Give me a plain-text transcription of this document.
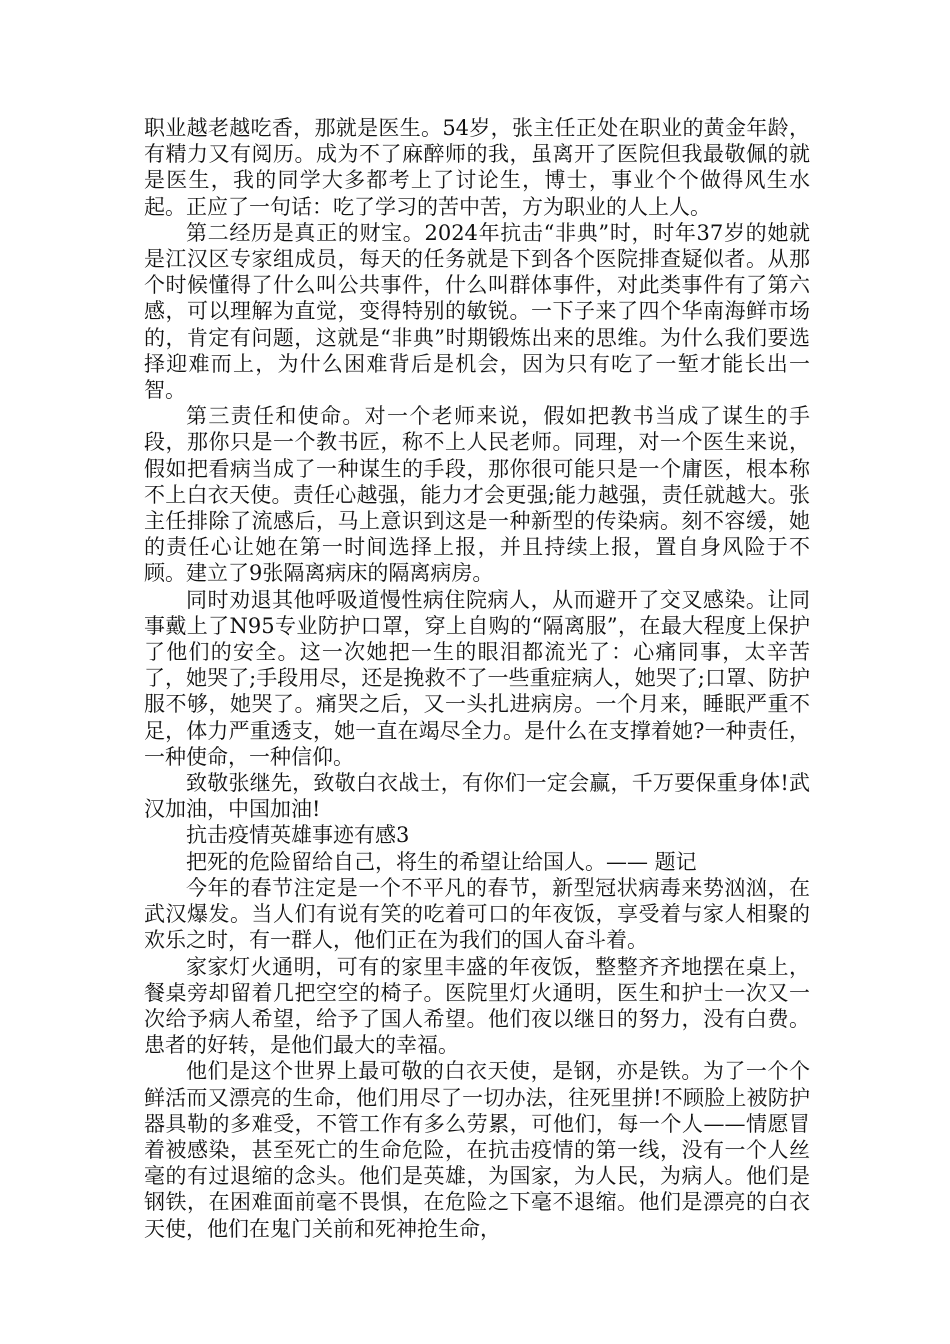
职业越老越吃香，那就是医生。54岁，张主任正处在职业的黄金年龄，有精力又有阅历。成为不了麻醉师的我，虽离开了医院但我最敬佩的就是医生，我的同学大多都考上了讨论生，博士，事业个个做得风生水起。正应了一句话：吃了学习的苦中苦，方为职业的人上人。

第二经历是真正的财宝。2024年抗击“非典”时，时年37岁的她就是江汉区专家组成员，每天的任务就是下到各个医院排查疑似者。从那个时候懂得了什么叫公共事件，什么叫群体事件，对此类事件有了第六感，可以理解为直觉，变得特别的敏锐。一下子来了四个华南海鲜市场的，肯定有问题，这就是“非典”时期锻炼出来的思维。为什么我们要选择迎难而上，为什么困难背后是机会，因为只有吃了一堑才能长出一智。

第三责任和使命。对一个老师来说，假如把教书当成了谋生的手段，那你只是一个教书匠，称不上人民老师。同理，对一个医生来说，假如把看病当成了一种谋生的手段，那你很可能只是一个庸医，根本称不上白衣天使。责任心越强，能力才会更强;能力越强，责任就越大。张主任排除了流感后，马上意识到这是一种新型的传染病。刻不容缓，她的责任心让她在第一时间选择上报，并且持续上报，置自身风险于不顾。建立了9张隔离病床的隔离病房。

同时劝退其他呼吸道慢性病住院病人，从而避开了交叉感染。让同事戴上了N95专业防护口罩，穿上自购的“隔离服”，在最大程度上保护了他们的安全。这一次她把一生的眼泪都流光了：心痛同事，太辛苦了，她哭了;手段用尽，还是挽救不了一些重症病人，她哭了;口罩、防护服不够，她哭了。痛哭之后，又一头扎进病房。一个月来，睡眠严重不足，体力严重透支，她一直在竭尽全力。是什么在支撑着她?一种责任，一种使命，一种信仰。

致敬张继先，致敬白衣战士，有你们一定会赢，千万要保重身体!武汉加油，中国加油!

抗击疫情英雄事迹有感3

把死的危险留给自己，将生的希望让给国人。—— 题记

今年的春节注定是一个不平凡的春节，新型冠状病毒来势汹汹，在武汉爆发。当人们有说有笑的吃着可口的年夜饭，享受着与家人相聚的欢乐之时，有一群人，他们正在为我们的国人奋斗着。

家家灯火通明，可有的家里丰盛的年夜饭，整整齐齐地摆在桌上，餐桌旁却留着几把空空的椅子。医院里灯火通明，医生和护士一次又一次给予病人希望，给予了国人希望。他们夜以继日的努力，没有白费。患者的好转，是他们最大的幸福。

他们是这个世界上最可敬的白衣天使，是钢，亦是铁。为了一个个鲜活而又漂亮的生命，他们用尽了一切办法，往死里拼!不顾脸上被防护器具勒的多难受，不管工作有多么劳累，可他们，每一个人——情愿冒着被感染，甚至死亡的生命危险，在抗击疫情的第一线，没有一个人丝毫的有过退缩的念头。他们是英雄，为国家，为人民，为病人。他们是钢铁，在困难面前毫不畏惧，在危险之下毫不退缩。他们是漂亮的白衣天使，他们在鬼门关前和死神抢生命，
